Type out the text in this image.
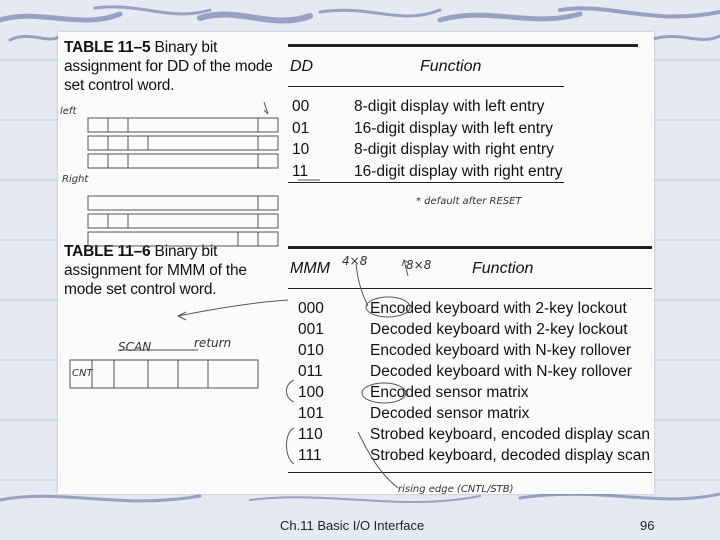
TABLE 11–5 Binary bit assignment for DD of the mode set control word.
DD	Function
00	8-digit display with left entry
01	16-digit display with left entry
10	8-digit display with right entry
11	16-digit display with right entry
* default after RESET
TABLE 11–6 Binary bit assignment for MMM of the mode set control word.
MMM	Function
000	Encoded keyboard with 2-key lockout
001	Decoded keyboard with 2-key lockout
010	Encoded keyboard with N-key rollover
011	Decoded keyboard with N-key rollover
100	Encoded sensor matrix
101	Decoded sensor matrix
110	Strobed keyboard, encoded display scan
111	Strobed keyboard, decoded display scan
rising edge (CNTL/STB)
left
Right
SCAN	return
4×8	8×8
CNT
Ch.11 Basic I/O Interface	96
